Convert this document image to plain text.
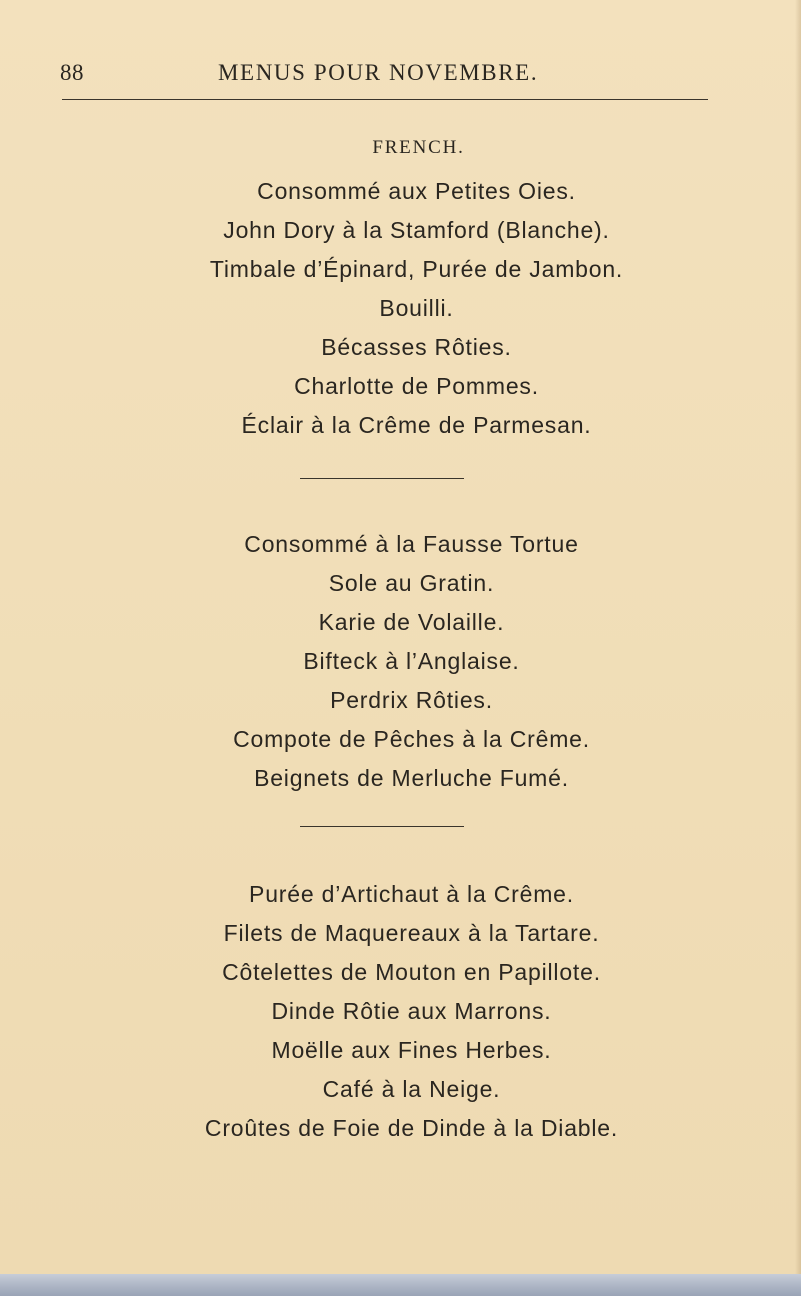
88	MENUS POUR NOVEMBRE.
FRENCH.
Consommé aux Petites Oies.
John Dory à la Stamford (Blanche).
Timbale d’Épinard, Purée de Jambon.
Bouilli.
Bécasses Rôties.
Charlotte de Pommes.
Éclair à la Crême de Parmesan.
Consommé à la Fausse Tortue
Sole au Gratin.
Karie de Volaille.
Bifteck à l’Anglaise.
Perdrix Rôties.
Compote de Pêches à la Crême.
Beignets de Merluche Fumé.
Purée d’Artichaut à la Crême.
Filets de Maquereaux à la Tartare.
Côtelettes de Mouton en Papillote.
Dinde Rôtie aux Marrons.
Moëlle aux Fines Herbes.
Café à la Neige.
Croûtes de Foie de Dinde à la Diable.
